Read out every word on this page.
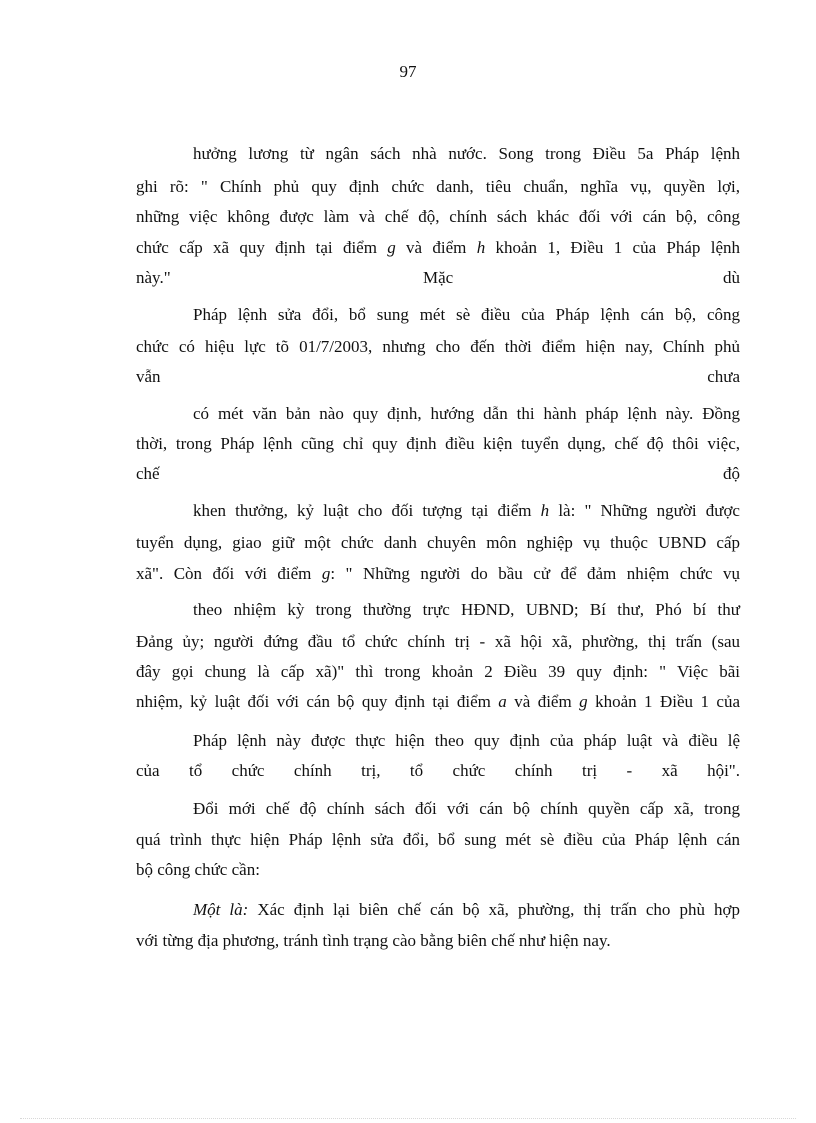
97
hưởng lương từ ngân sách nhà nước. Song trong Điều 5a Pháp lệnh
ghi rõ: " Chính phủ quy định chức danh, tiêu chuẩn, nghĩa vụ, quyền lợi,
những việc không được làm và chế độ, chính sách khác đối với cán bộ, công
chức cấp xã quy định tại điểm g và điểm h khoản 1, Điều 1 của Pháp lệnh
này."	Mặc	dù
Pháp lệnh sửa đổi, bổ sung mét sè điều của Pháp lệnh cán bộ, công
chức có hiệu lực tõ 01/7/2003, nhưng cho đến thời điểm hiện nay, Chính phủ
vẫn	chưa
có mét văn bản nào quy định, hướng dẫn thi hành pháp lệnh này. Đồng
thời, trong Pháp lệnh cũng chỉ quy định điều kiện tuyển dụng, chế độ thôi việc,
chế	độ
khen thưởng, kỷ luật cho đối tượng tại điểm h là: " Những người được
tuyển dụng, giao giữ một chức danh chuyên môn nghiệp vụ thuộc UBND cấp
xã". Còn đối với điểm g: " Những người do bầu cử để đảm nhiệm chức vụ
theo nhiệm kỳ trong thường trực HĐND, UBND; Bí thư, Phó bí thư
Đảng ủy; người đứng đầu tổ chức chính trị - xã hội xã, phường, thị trấn (sau
đây gọi chung là cấp xã)" thì trong khoản 2 Điều 39 quy định: " Việc bãi
nhiệm, kỷ luật đối với cán bộ quy định tại điểm a và điểm g khoản 1 Điều 1 của
Pháp lệnh này được thực hiện theo quy định của pháp luật và điều lệ
của tổ chức chính trị, tổ chức chính trị - xã hội".
Đổi mới chế độ chính sách đối với cán bộ chính quyền cấp xã, trong
quá trình thực hiện Pháp lệnh sửa đổi, bổ sung mét sè điều của Pháp lệnh cán
bộ công chức cần:
Một là: Xác định lại biên chế cán bộ xã, phường, thị trấn cho phù hợp
với từng địa phương, tránh tình trạng cào bằng biên chế như hiện nay.
